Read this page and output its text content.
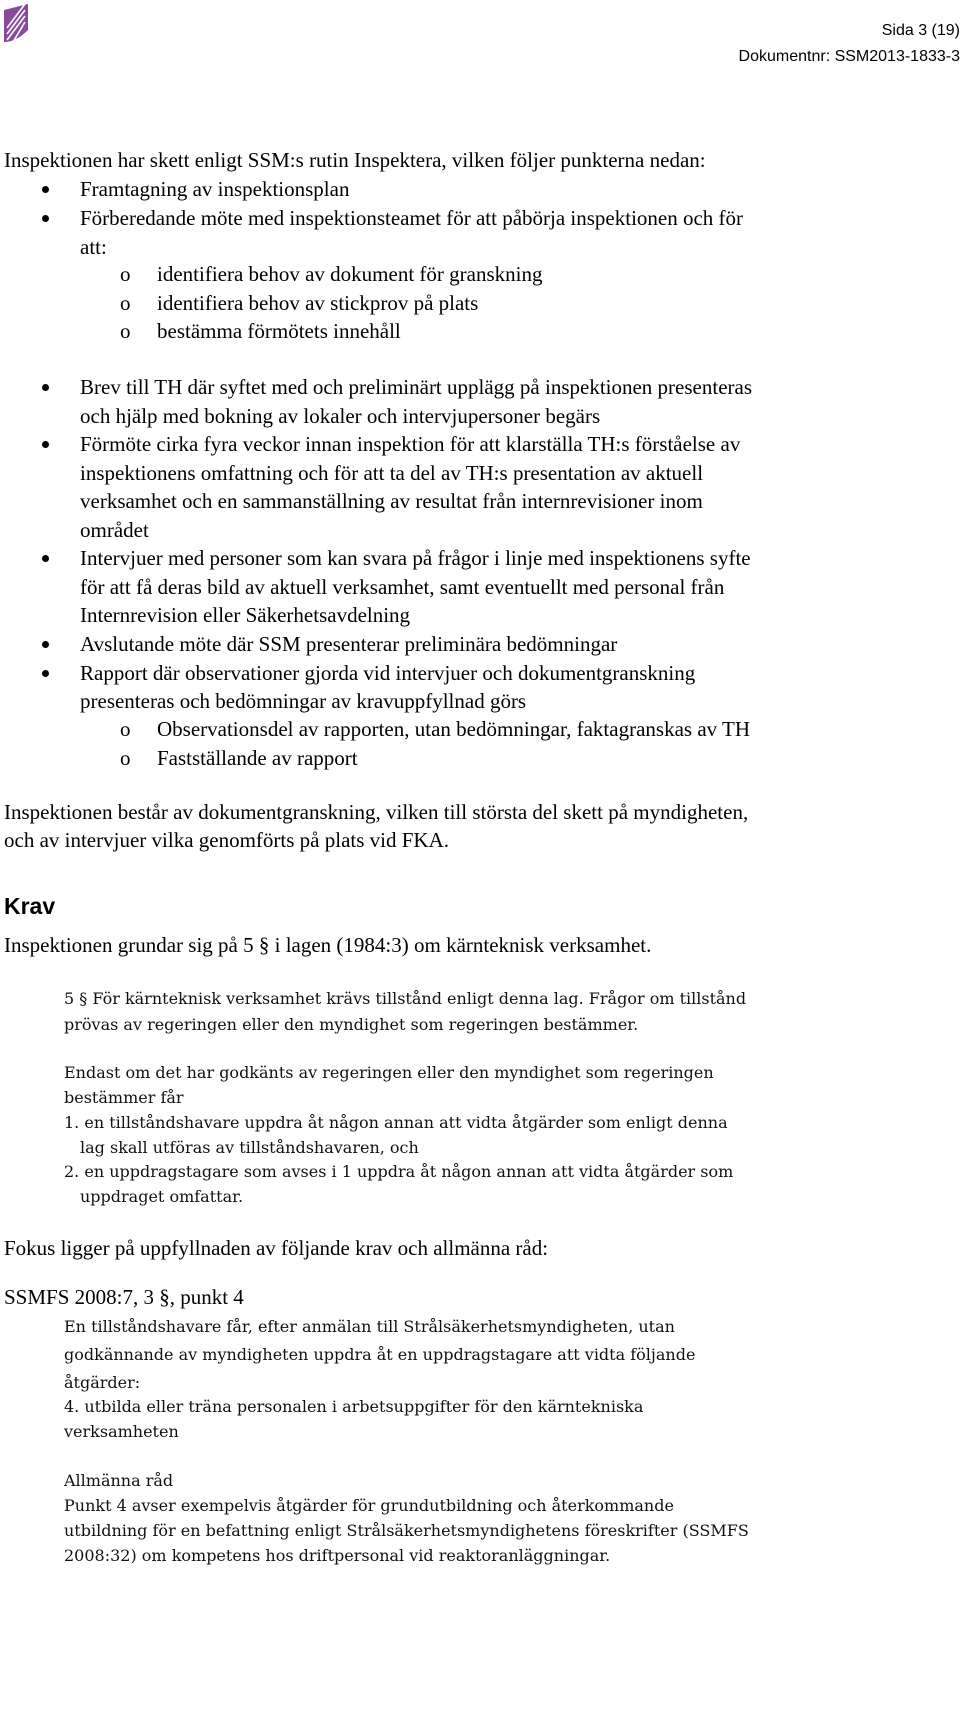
Sida 3 (19)
Dokumentnr: SSM2013-1833-3
Inspektionen har skett enligt SSM:s rutin Inspektera, vilken följer punkterna nedan:
Framtagning av inspektionsplan
Förberedande möte med inspektionsteamet för att påbörja inspektionen och för
att:
o identifiera behov av dokument för granskning
o identifiera behov av stickprov på plats
o bestämma förmötets innehåll
Brev till TH där syftet med och preliminärt upplägg på inspektionen presenteras
och hjälp med bokning av lokaler och intervjupersoner begärs
Förmöte cirka fyra veckor innan inspektion för att klarställa TH:s förståelse av
inspektionens omfattning och för att ta del av TH:s presentation av aktuell
verksamhet och en sammanställning av resultat från internrevisioner inom
området
Intervjuer med personer som kan svara på frågor i linje med inspektionens syfte
för att få deras bild av aktuell verksamhet, samt eventuellt med personal från
Internrevision eller Säkerhetsavdelning
Avslutande möte där SSM presenterar preliminära bedömningar
Rapport där observationer gjorda vid intervjuer och dokumentgranskning
presenteras och bedömningar av kravuppfyllnad görs
o Observationsdel av rapporten, utan bedömningar, faktagranskas av TH
o Fastställande av rapport
Inspektionen består av dokumentgranskning, vilken till största del skett på myndigheten,
och av intervjuer vilka genomförts på plats vid FKA.
Krav
Inspektionen grundar sig på 5 § i lagen (1984:3) om kärnteknisk verksamhet.
5 § För kärnteknisk verksamhet krävs tillstånd enligt denna lag. Frågor om tillstånd
prövas av regeringen eller den myndighet som regeringen bestämmer.
Endast om det har godkänts av regeringen eller den myndighet som regeringen
bestämmer får
1. en tillståndshavare uppdra åt någon annan att vidta åtgärder som enligt denna
lag skall utföras av tillståndshavaren, och
2. en uppdragstagare som avses i 1 uppdra åt någon annan att vidta åtgärder som
uppdraget omfattar.
Fokus ligger på uppfyllnaden av följande krav och allmänna råd:
SSMFS 2008:7, 3 §, punkt 4
En tillståndshavare får, efter anmälan till Strålsäkerhetsmyndigheten, utan
godkännande av myndigheten uppdra åt en uppdragstagare att vidta följande
åtgärder:
4. utbilda eller träna personalen i arbetsuppgifter för den kärntekniska
verksamheten
Allmänna råd
Punkt 4 avser exempelvis åtgärder för grundutbildning och återkommande
utbildning för en befattning enligt Strålsäkerhetsmyndighetens föreskrifter (SSMFS
2008:32) om kompetens hos driftpersonal vid reaktoranläggningar.
